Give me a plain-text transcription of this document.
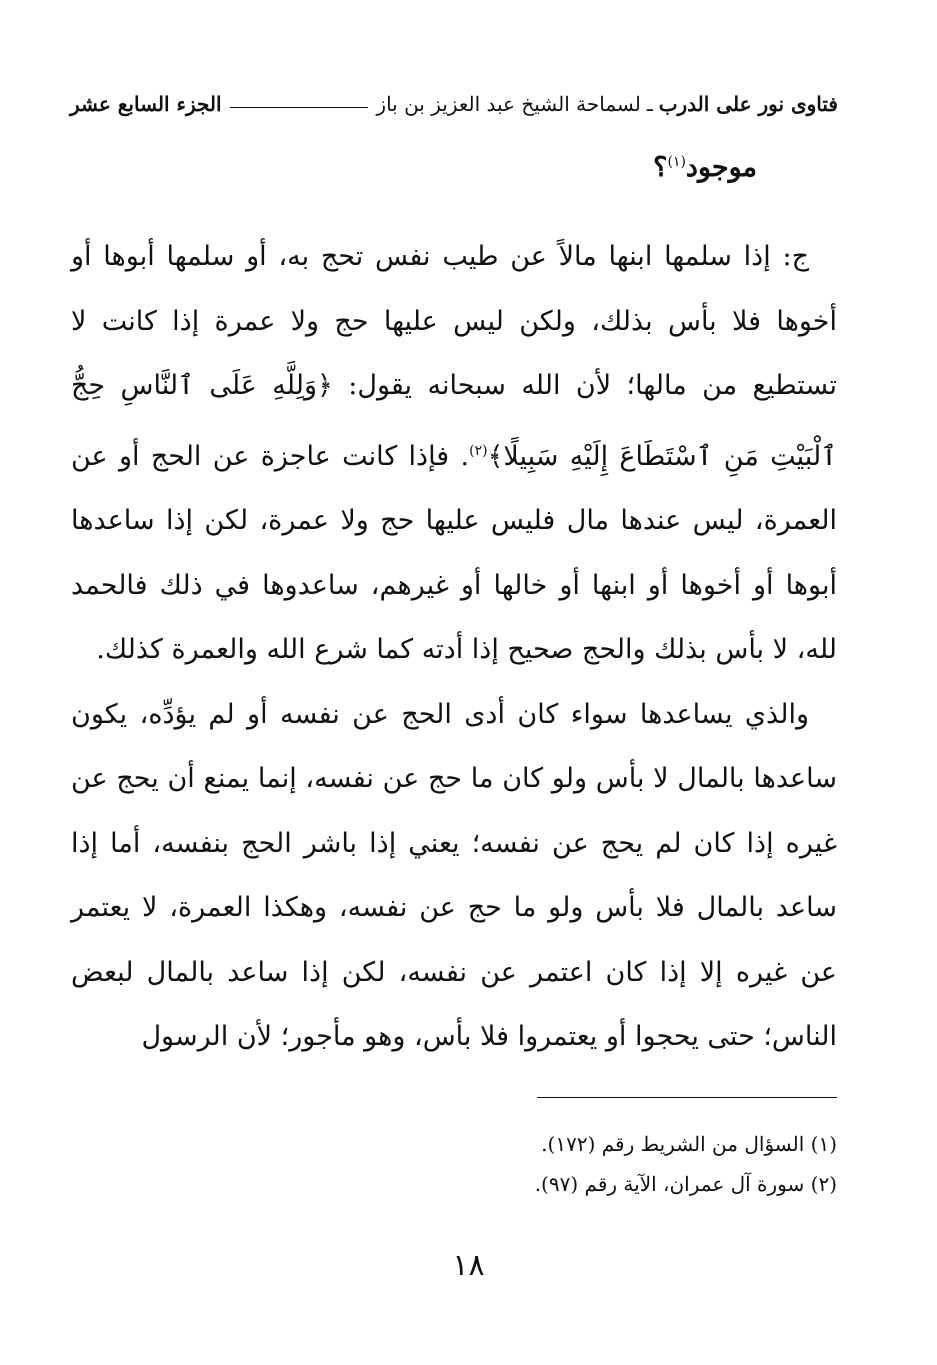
فتاوى نور على الدرب
ـ
لسماحة الشيخ عبد العزيز بن باز
الجزء السابع عشر
موجود$^{(١)}$؟

ج: إذا سلمها ابنها مالاً عن طيب نفس تحج به، أو سلمها أبوها أو أخوها فلا بأس بذلك، ولكن ليس عليها حج ولا عمرة إذا كانت لا تستطيع من مالها؛ لأن الله سبحانه يقول: ﴿وَلِلَّهِ عَلَى ٱلنَّاسِ حِجُّ ٱلْبَيْتِ مَنِ ٱسْتَطَاعَ إِلَيْهِ سَبِيلًا﴾$^{(٢)}$. فإذا كانت عاجزة عن الحج أو عن العمرة، ليس عندها مال فليس عليها حج ولا عمرة، لكن إذا ساعدها أبوها أو أخوها أو ابنها أو خالها أو غيرهم، ساعدوها في ذلك فالحمد لله، لا بأس بذلك والحج صحيح إذا أدته كما شرع الله والعمرة كذلك.

والذي يساعدها سواء كان أدى الحج عن نفسه أو لم يؤدِّه، يكون ساعدها بالمال لا بأس ولو كان ما حج عن نفسه، إنما يمنع أن يحج عن غيره إذا كان لم يحج عن نفسه؛ يعني إذا باشر الحج بنفسه، أما إذا ساعد بالمال فلا بأس ولو ما حج عن نفسه، وهكذا العمرة، لا يعتمر عن غيره إلا إذا كان اعتمر عن نفسه، لكن إذا ساعد بالمال لبعض الناس؛ حتى يحجوا أو يعتمروا فلا بأس، وهو مأجور؛ لأن الرسول

(١) السؤال من الشريط رقم (١٧٢).
(٢) سورة آل عمران، الآية رقم (٩٧).
١٨
